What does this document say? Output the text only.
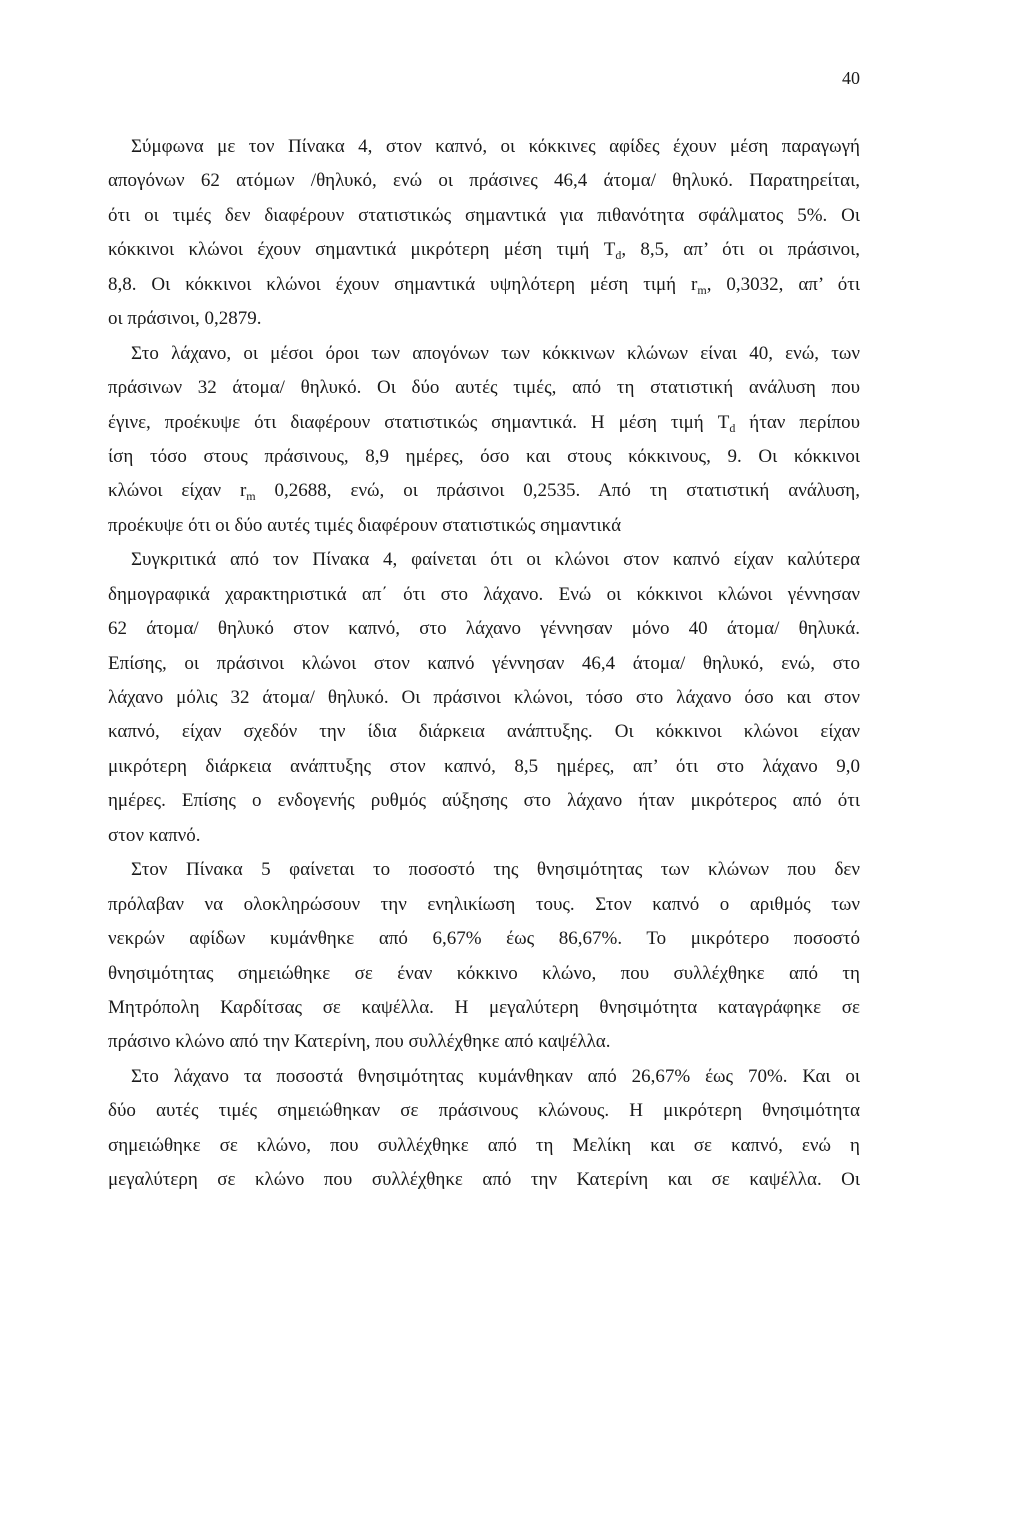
40
Σύμφωνα με τον Πίνακα 4, στον καπνό, οι κόκκινες αφίδες έχουν μέση παραγωγή
απογόνων 62 ατόμων /θηλυκό, ενώ οι πράσινες 46,4 άτομα/ θηλυκό. Παρατηρείται,
ότι οι τιμές δεν διαφέρουν στατιστικώς σημαντικά για πιθανότητα σφάλματος 5%. Οι
κόκκινοι κλώνοι έχουν σημαντικά μικρότερη μέση τιμή $T_d$, 8,5, απ’ ότι οι πράσινοι,
8,8. Οι κόκκινοι κλώνοι έχουν σημαντικά υψηλότερη μέση τιμή $r_m$, 0,3032, απ’ ότι
οι πράσινοι, 0,2879.
Στο λάχανο, οι μέσοι όροι των απογόνων των κόκκινων κλώνων είναι 40, ενώ, των
πράσινων 32 άτομα/ θηλυκό. Οι δύο αυτές τιμές, από τη στατιστική ανάλυση που
έγινε, προέκυψε ότι διαφέρουν στατιστικώς σημαντικά. Η μέση τιμή $T_d$ ήταν περίπου
ίση τόσο στους πράσινους, 8,9 ημέρες, όσο και στους κόκκινους, 9. Οι κόκκινοι
κλώνοι είχαν $r_m$ 0,2688, ενώ, οι πράσινοι 0,2535. Από τη στατιστική ανάλυση,
προέκυψε ότι οι δύο αυτές τιμές διαφέρουν στατιστικώς σημαντικά
Συγκριτικά από τον Πίνακα 4, φαίνεται ότι οι κλώνοι στον καπνό είχαν καλύτερα
δημογραφικά χαρακτηριστικά απ΄ ότι στο λάχανο. Ενώ οι κόκκινοι κλώνοι γέννησαν
62 άτομα/ θηλυκό στον καπνό, στο λάχανο γέννησαν μόνο 40 άτομα/ θηλυκά.
Επίσης, οι πράσινοι κλώνοι στον καπνό γέννησαν 46,4 άτομα/ θηλυκό, ενώ, στο
λάχανο μόλις 32 άτομα/ θηλυκό. Οι πράσινοι κλώνοι, τόσο στο λάχανο όσο και στον
καπνό, είχαν σχεδόν την ίδια διάρκεια ανάπτυξης. Οι κόκκινοι κλώνοι είχαν
μικρότερη διάρκεια ανάπτυξης στον καπνό, 8,5 ημέρες, απ’ ότι στο λάχανο 9,0
ημέρες. Επίσης ο ενδογενής ρυθμός αύξησης στο λάχανο ήταν μικρότερος από ότι
στον καπνό.
Στον Πίνακα 5 φαίνεται το ποσοστό της θνησιμότητας των κλώνων που δεν
πρόλαβαν να ολοκληρώσουν την ενηλικίωση τους. Στον καπνό ο αριθμός των
νεκρών αφίδων κυμάνθηκε από 6,67% έως 86,67%. Το μικρότερο ποσοστό
θνησιμότητας σημειώθηκε σε έναν κόκκινο κλώνο, που συλλέχθηκε από τη
Μητρόπολη Καρδίτσας σε καψέλλα. Η μεγαλύτερη θνησιμότητα καταγράφηκε σε
πράσινο κλώνο από την Κατερίνη, που συλλέχθηκε από καψέλλα.
Στο λάχανο τα ποσοστά θνησιμότητας κυμάνθηκαν από 26,67% έως 70%. Και οι
δύο αυτές τιμές σημειώθηκαν σε πράσινους κλώνους. Η μικρότερη θνησιμότητα
σημειώθηκε σε κλώνο, που συλλέχθηκε από τη Μελίκη και σε καπνό, ενώ η
μεγαλύτερη σε κλώνο που συλλέχθηκε από την Κατερίνη και σε καψέλλα. Οι
